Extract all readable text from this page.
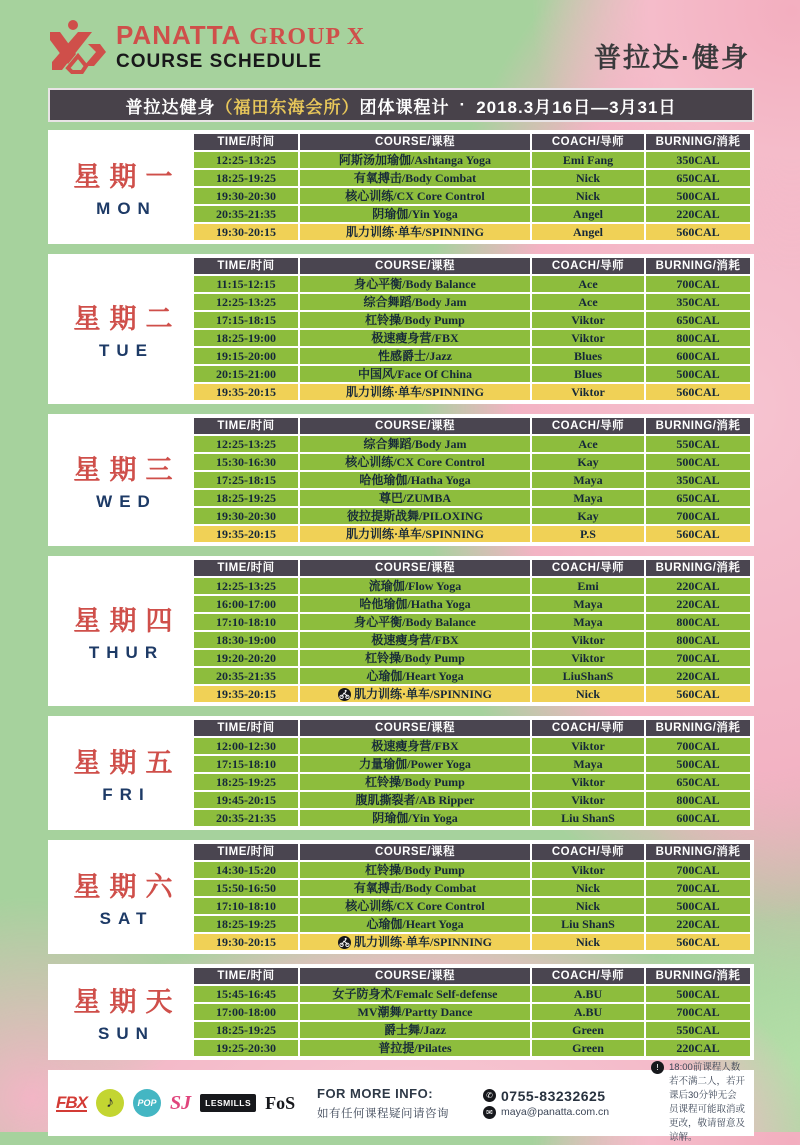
PANATTA GROUP X
COURSE SCHEDULE	普拉达·健身
普拉达健身 （福田东海会所） 团体课程计 · 2018.3月16日—3月31日
星期一
MON
TIME/时间	COURSE/课程	COACH/导师	BURNING/消耗
12:25-13:25	阿斯汤加瑜伽/Ashtanga Yoga	Emi Fang	350CAL
18:25-19:25	有氧搏击/Body Combat	Nick	650CAL
19:30-20:30	核心训练/CX Core Control	Nick	500CAL
20:35-21:35	阴瑜伽/Yin Yoga	Angel	220CAL
19:30-20:15	肌力训练·单车/SPINNING	Angel	560CAL
星期二
TUE
TIME/时间	COURSE/课程	COACH/导师	BURNING/消耗
11:15-12:15	身心平衡/Body Balance	Ace	700CAL
12:25-13:25	综合舞蹈/Body Jam	Ace	350CAL
17:15-18:15	杠铃操/Body Pump	Viktor	650CAL
18:25-19:00	极速瘦身营/FBX	Viktor	800CAL
19:15-20:00	性感爵士/Jazz	Blues	600CAL
20:15-21:00	中国风/Face Of China	Blues	500CAL
19:35-20:15	肌力训练·单车/SPINNING	Viktor	560CAL
星期三
WED
TIME/时间	COURSE/课程	COACH/导师	BURNING/消耗
12:25-13:25	综合舞蹈/Body Jam	Ace	550CAL
15:30-16:30	核心训练/CX Core Control	Kay	500CAL
17:25-18:15	哈他瑜伽/Hatha Yoga	Maya	350CAL
18:25-19:25	尊巴/ZUMBA	Maya	650CAL
19:30-20:30	彼拉提斯战舞/PILOXING	Kay	700CAL
19:35-20:15	肌力训练·单车/SPINNING	P.S	560CAL
星期四
THUR
TIME/时间	COURSE/课程	COACH/导师	BURNING/消耗
12:25-13:25	流瑜伽/Flow Yoga	Emi	220CAL
16:00-17:00	哈他瑜伽/Hatha Yoga	Maya	220CAL
17:10-18:10	身心平衡/Body Balance	Maya	800CAL
18:30-19:00	极速瘦身营/FBX	Viktor	800CAL
19:20-20:20	杠铃操/Body Pump	Viktor	700CAL
20:35-21:35	心瑜伽/Heart Yoga	LiuShanS	220CAL
19:35-20:15	肌力训练·单车/SPINNING	Nick	560CAL
星期五
FRI
TIME/时间	COURSE/课程	COACH/导师	BURNING/消耗
12:00-12:30	极速瘦身营/FBX	Viktor	700CAL
17:15-18:10	力量瑜伽/Power Yoga	Maya	500CAL
18:25-19:25	杠铃操/Body Pump	Viktor	650CAL
19:45-20:15	腹肌撕裂者/AB Ripper	Viktor	800CAL
20:35-21:35	阴瑜伽/Yin Yoga	Liu ShanS	600CAL
星期六
SAT
TIME/时间	COURSE/课程	COACH/导师	BURNING/消耗
14:30-15:20	杠铃操/Body Pump	Viktor	700CAL
15:50-16:50	有氧搏击/Body Combat	Nick	700CAL
17:10-18:10	核心训练/CX Core Control	Nick	500CAL
18:25-19:25	心瑜伽/Heart Yoga	Liu ShanS	220CAL
19:30-20:15	肌力训练·单车/SPINNING	Nick	560CAL
星期天
SUN
TIME/时间	COURSE/课程	COACH/导师	BURNING/消耗
15:45-16:45	女子防身术/Femalc Self-defense	A.BU	500CAL
17:00-18:00	MV潮舞/Partty Dance	A.BU	700CAL
18:25-19:25	爵士舞/Jazz	Green	550CAL
19:25-20:30	普拉提/Pilates	Green	220CAL
FBX	♪	POP SJ	LESMILLS FoS FOR MORE INFO:
如有任何课程疑问请咨询
✆ 0755-83232625
✉ maya@panatta.com.cn
!	18:00前课程人数若不满二人，若开课后30分钟无会员课程可能取消或更改，敬请留意及谅解。
